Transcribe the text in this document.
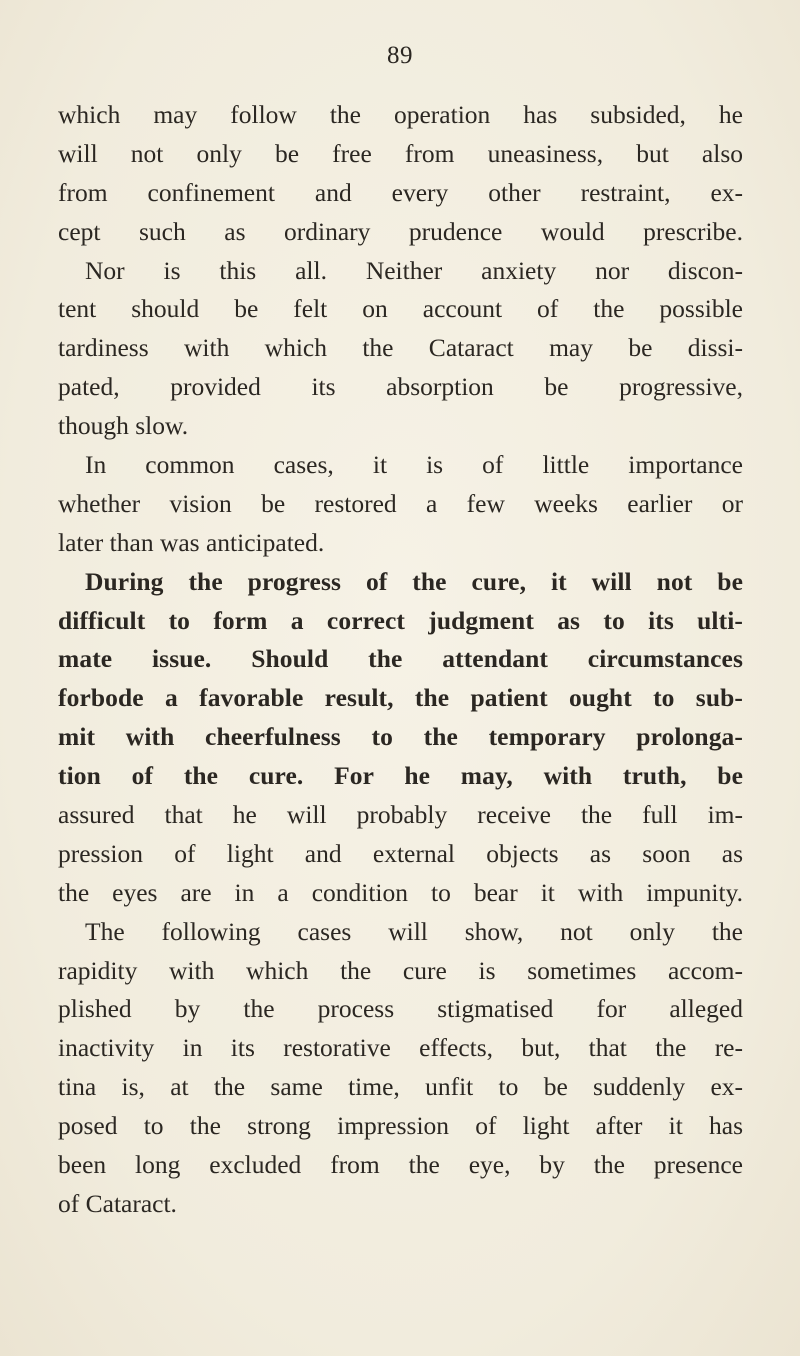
89
which may follow the operation has subsided, he
will not only be free from uneasiness, but also
from confinement and every other restraint, ex-
cept such as ordinary prudence would prescribe.
Nor is this all. Neither anxiety nor discon-
tent should be felt on account of the possible
tardiness with which the Cataract may be dissi-
pated, provided its absorption be progressive,
though slow.
In common cases, it is of little importance
whether vision be restored a few weeks earlier or
later than was anticipated.
During the progress of the cure, it will not be
difficult to form a correct judgment as to its ulti-
mate issue. Should the attendant circumstances
forbode a favorable result, the patient ought to sub-
mit with cheerfulness to the temporary prolonga-
tion of the cure. For he may, with truth, be
assured that he will probably receive the full im-
pression of light and external objects as soon as
the eyes are in a condition to bear it with impunity.
The following cases will show, not only the
rapidity with which the cure is sometimes accom-
plished by the process stigmatised for alleged
inactivity in its restorative effects, but, that the re-
tina is, at the same time, unfit to be suddenly ex-
posed to the strong impression of light after it has
been long excluded from the eye, by the presence
of Cataract.
